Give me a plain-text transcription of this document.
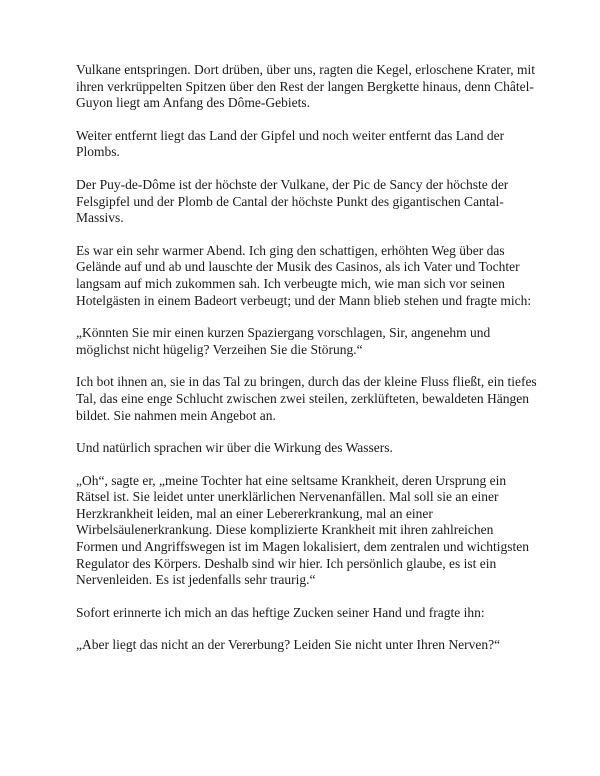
Vulkane entspringen. Dort drüben, über uns, ragten die Kegel, erloschene Krater, mit ihren verkrüppelten Spitzen über den Rest der langen Bergkette hinaus, denn Châtel-Guyon liegt am Anfang des Dôme-Gebiets.

Weiter entfernt liegt das Land der Gipfel und noch weiter entfernt das Land der Plombs.

Der Puy-de-Dôme ist der höchste der Vulkane, der Pic de Sancy der höchste der Felsgipfel und der Plomb de Cantal der höchste Punkt des gigantischen Cantal-Massivs.

Es war ein sehr warmer Abend. Ich ging den schattigen, erhöhten Weg über das Gelände auf und ab und lauschte der Musik des Casinos, als ich Vater und Tochter langsam auf mich zukommen sah. Ich verbeugte mich, wie man sich vor seinen Hotelgästen in einem Badeort verbeugt; und der Mann blieb stehen und fragte mich:

„Könnten Sie mir einen kurzen Spaziergang vorschlagen, Sir, angenehm und möglichst nicht hügelig? Verzeihen Sie die Störung.“

Ich bot ihnen an, sie in das Tal zu bringen, durch das der kleine Fluss fließt, ein tiefes Tal, das eine enge Schlucht zwischen zwei steilen, zerklüfteten, bewaldeten Hängen bildet. Sie nahmen mein Angebot an.

Und natürlich sprachen wir über die Wirkung des Wassers.

„Oh“, sagte er, „meine Tochter hat eine seltsame Krankheit, deren Ursprung ein Rätsel ist. Sie leidet unter unerklärlichen Nervenanfällen. Mal soll sie an einer Herzkrankheit leiden, mal an einer Lebererkrankung, mal an einer Wirbelsäulenerkrankung. Diese komplizierte Krankheit mit ihren zahlreichen Formen und Angriffswegen ist im Magen lokalisiert, dem zentralen und wichtigsten Regulator des Körpers. Deshalb sind wir hier. Ich persönlich glaube, es ist ein Nervenleiden. Es ist jedenfalls sehr traurig.“

Sofort erinnerte ich mich an das heftige Zucken seiner Hand und fragte ihn:

„Aber liegt das nicht an der Vererbung? Leiden Sie nicht unter Ihren Nerven?“
